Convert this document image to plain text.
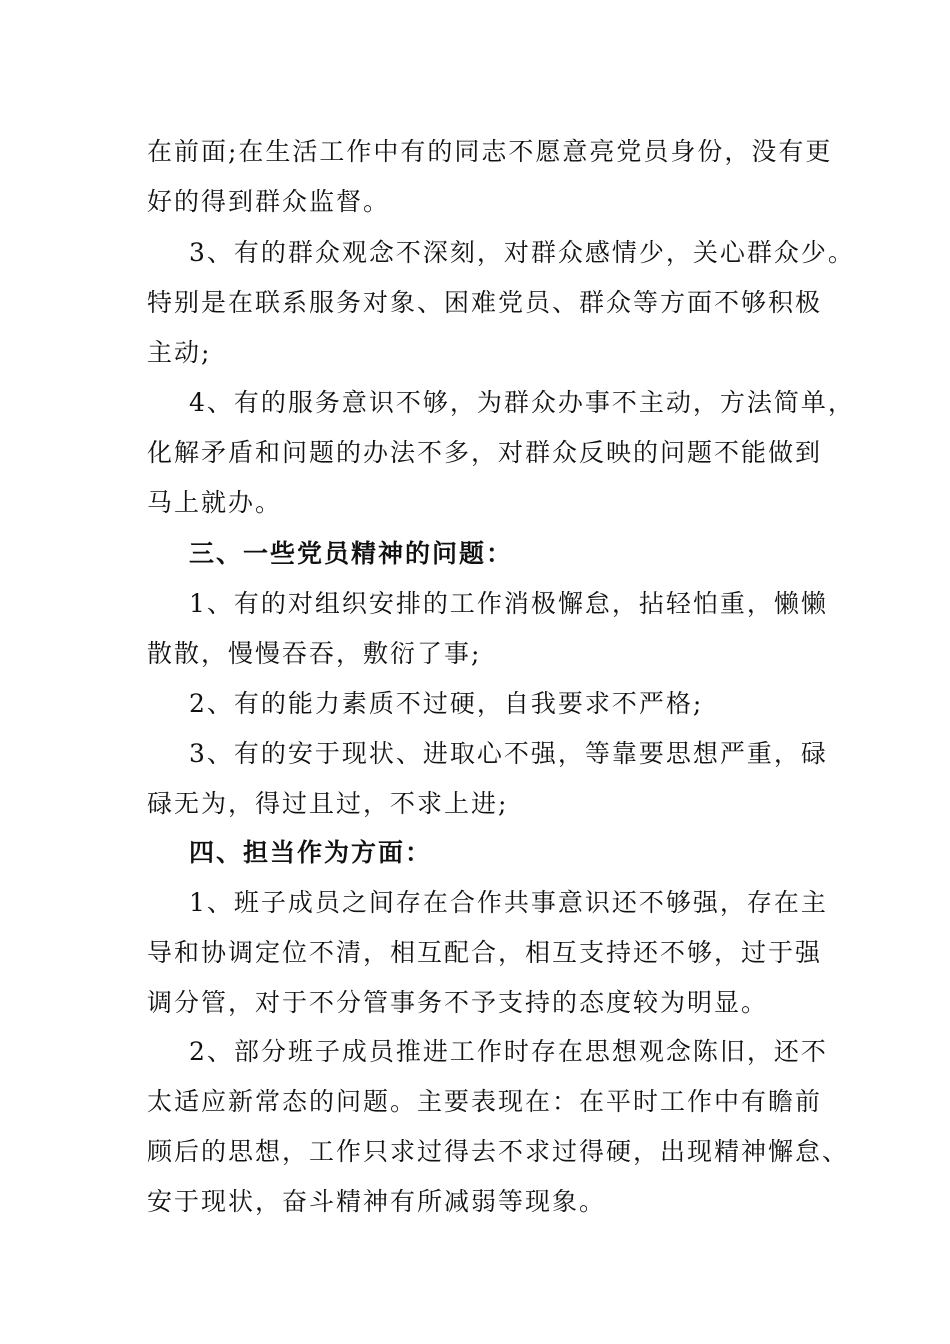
在前面;在生活工作中有的同志不愿意亮党员身份，没有更
好的得到群众监督。
3、有的群众观念不深刻，对群众感情少，关心群众少。
特别是在联系服务对象、困难党员、群众等方面不够积极
主动;
4、有的服务意识不够，为群众办事不主动，方法简单，
化解矛盾和问题的办法不多，对群众反映的问题不能做到
马上就办。
三、一些党员精神的问题：
1、有的对组织安排的工作消极懈怠，拈轻怕重，懒懒
散散，慢慢吞吞，敷衍了事;
2、有的能力素质不过硬，自我要求不严格;
3、有的安于现状、进取心不强，等靠要思想严重，碌
碌无为，得过且过，不求上进;
四、担当作为方面：
1、班子成员之间存在合作共事意识还不够强，存在主
导和协调定位不清，相互配合，相互支持还不够，过于强
调分管，对于不分管事务不予支持的态度较为明显。
2、部分班子成员推进工作时存在思想观念陈旧，还不
太适应新常态的问题。主要表现在：在平时工作中有瞻前
顾后的思想，工作只求过得去不求过得硬，出现精神懈怠、
安于现状，奋斗精神有所减弱等现象。
